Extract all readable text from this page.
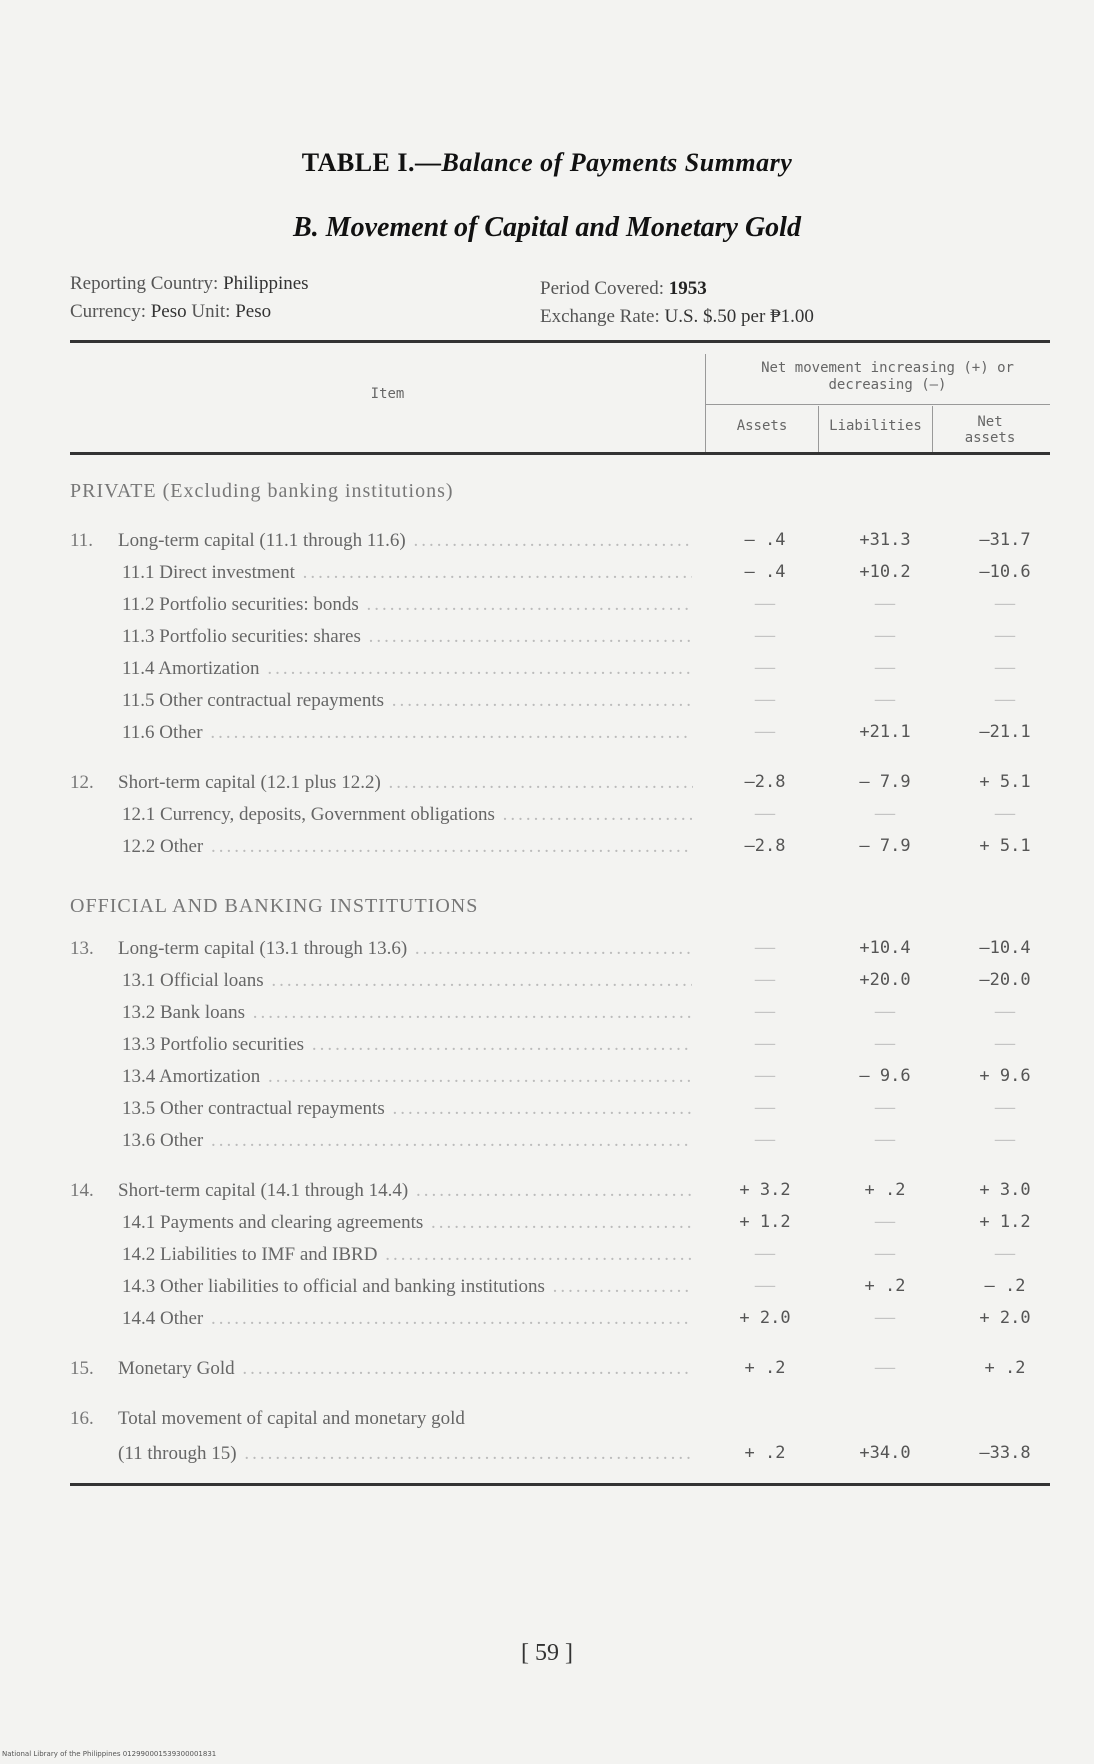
TABLE I.—Balance of Payments Summary
B. Movement of Capital and Monetary Gold
Reporting Country: Philippines
Currency: Peso Unit: Peso
Period Covered: 1953
Exchange Rate: U.S. $.50 per ₱1.00
Item
Net movement increasing (+) or decreasing (—)
Assets	Liabilities	Net assets
PRIVATE (Excluding banking institutions)
OFFICIAL AND BANKING INSTITUTIONS
11.	Long-term capital (11.1 through 11.6) .....	— .4	+31.3	—31.7
11.1 Direct investment .....	— .4	+10.2	—10.6
11.2 Portfolio securities: bonds .....	——	——	——
11.3 Portfolio securities: shares .....	——	——	——
11.4 Amortization .....	——	——	——
11.5 Other contractual repayments .....	——	——	——
11.6 Other .....	——	+21.1	—21.1
12.	Short-term capital (12.1 plus 12.2) .....	—2.8	— 7.9	+ 5.1
12.1 Currency, deposits, Government obligations .....	——	——	——
12.2 Other .....	—2.8	— 7.9	+ 5.1
13.	Long-term capital (13.1 through 13.6) .....	——	+10.4	—10.4
13.1 Official loans .....	——	+20.0	—20.0
13.2 Bank loans .....	——	——	——
13.3 Portfolio securities .....	——	——	——
13.4 Amortization .....	——	— 9.6	+ 9.6
13.5 Other contractual repayments .....	——	——	——
13.6 Other .....	——	——	——
14.	Short-term capital (14.1 through 14.4) .....	+ 3.2	+ .2	+ 3.0
14.1 Payments and clearing agreements .....	+ 1.2	——	+ 1.2
14.2 Liabilities to IMF and IBRD .....	——	——	——
14.3 Other liabilities to official and banking institutions .....	——	+ .2	— .2
14.4 Other .....	+ 2.0	——	+ 2.0
15.	Monetary Gold .....	+ .2	——	+ .2
16.	Total movement of capital and monetary gold
(11 through 15) .....	+ .2	+34.0	—33.8
[ 59 ]
National Library of the Philippines 012990001539300001831
